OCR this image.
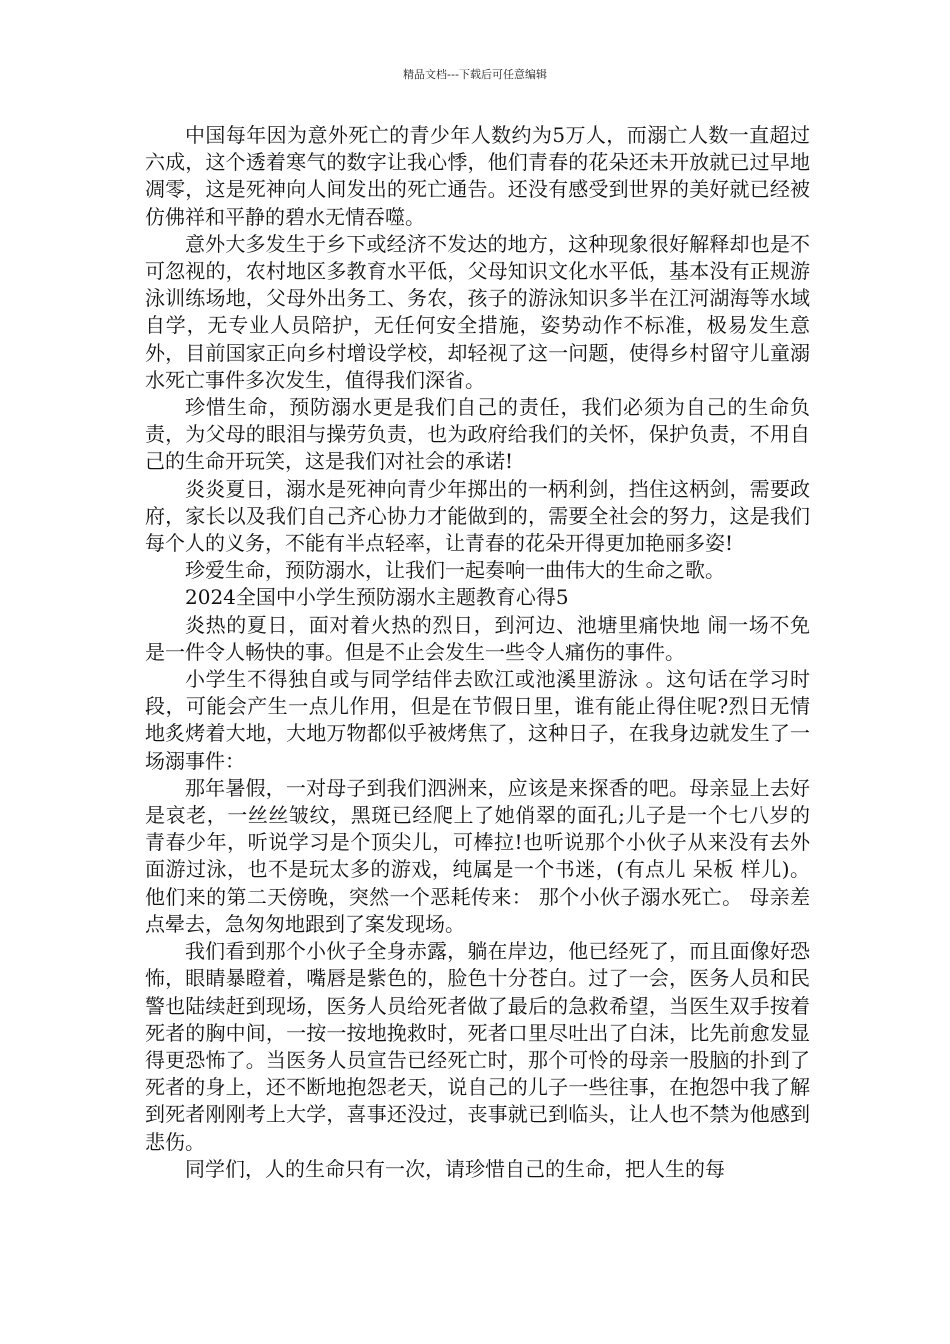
精品文档---下载后可任意编辑

中国每年因为意外死亡的青少年人数约为5万人，而溺亡人数一直超过六成，这个透着寒气的数字让我心悸，他们青春的花朵还未开放就已过早地凋零，这是死神向人间发出的死亡通告。还没有感受到世界的美好就已经被仿佛祥和平静的碧水无情吞噬。

意外大多发生于乡下或经济不发达的地方，这种现象很好解释却也是不可忽视的，农村地区多教育水平低，父母知识文化水平低，基本没有正规游泳训练场地，父母外出务工、务农，孩子的游泳知识多半在江河湖海等水域自学，无专业人员陪护，无任何安全措施，姿势动作不标准，极易发生意外，目前国家正向乡村增设学校，却轻视了这一问题，使得乡村留守儿童溺水死亡事件多次发生，值得我们深省。

珍惜生命，预防溺水更是我们自己的责任，我们必须为自己的生命负责，为父母的眼泪与操劳负责，也为政府给我们的关怀，保护负责，不用自己的生命开玩笑，这是我们对社会的承诺!

炎炎夏日，溺水是死神向青少年掷出的一柄利剑，挡住这柄剑，需要政府，家长以及我们自己齐心协力才能做到的，需要全社会的努力，这是我们每个人的义务，不能有半点轻率，让青春的花朵开得更加艳丽多姿!

珍爱生命，预防溺水，让我们一起奏响一曲伟大的生命之歌。

2024全国中小学生预防溺水主题教育心得5

炎热的夏日，面对着火热的烈日，到河边、池塘里痛快地 闹一场不免是一件令人畅快的事。但是不止会发生一些令人痛伤的事件。

小学生不得独自或与同学结伴去欧江或池溪里游泳 。这句话在学习时段，可能会产生一点儿作用，但是在节假日里，谁有能止得住呢?烈日无情地炙烤着大地，大地万物都似乎被烤焦了，这种日子，在我身边就发生了一场溺事件：

那年暑假，一对母子到我们泗洲来，应该是来探香的吧。母亲显上去好是哀老，一丝丝皱纹，黑斑已经爬上了她俏翠的面孔;儿子是一个七八岁的青春少年，听说学习是个顶尖儿，可棒拉!也听说那个小伙子从来没有去外面游过泳，也不是玩太多的游戏，纯属是一个书迷，(有点儿 呆板 样儿)。他们来的第二天傍晚，突然一个恶耗传来： 那个小伙子溺水死亡。 母亲差点晕去，急匆匆地跟到了案发现场。

我们看到那个小伙子全身赤露，躺在岸边，他已经死了，而且面像好恐怖，眼睛暴瞪着，嘴唇是紫色的，脸色十分苍白。过了一会，医务人员和民警也陆续赶到现场，医务人员给死者做了最后的急救希望，当医生双手按着死者的胸中间，一按一按地挽救时，死者口里尽吐出了白沫，比先前愈发显得更恐怖了。当医务人员宣告已经死亡时，那个可怜的母亲一股脑的扑到了死者的身上，还不断地抱怨老天，说自己的儿子一些往事，在抱怨中我了解到死者刚刚考上大学，喜事还没过，丧事就已到临头，让人也不禁为他感到悲伤。

同学们，人的生命只有一次，请珍惜自己的生命，把人生的每
